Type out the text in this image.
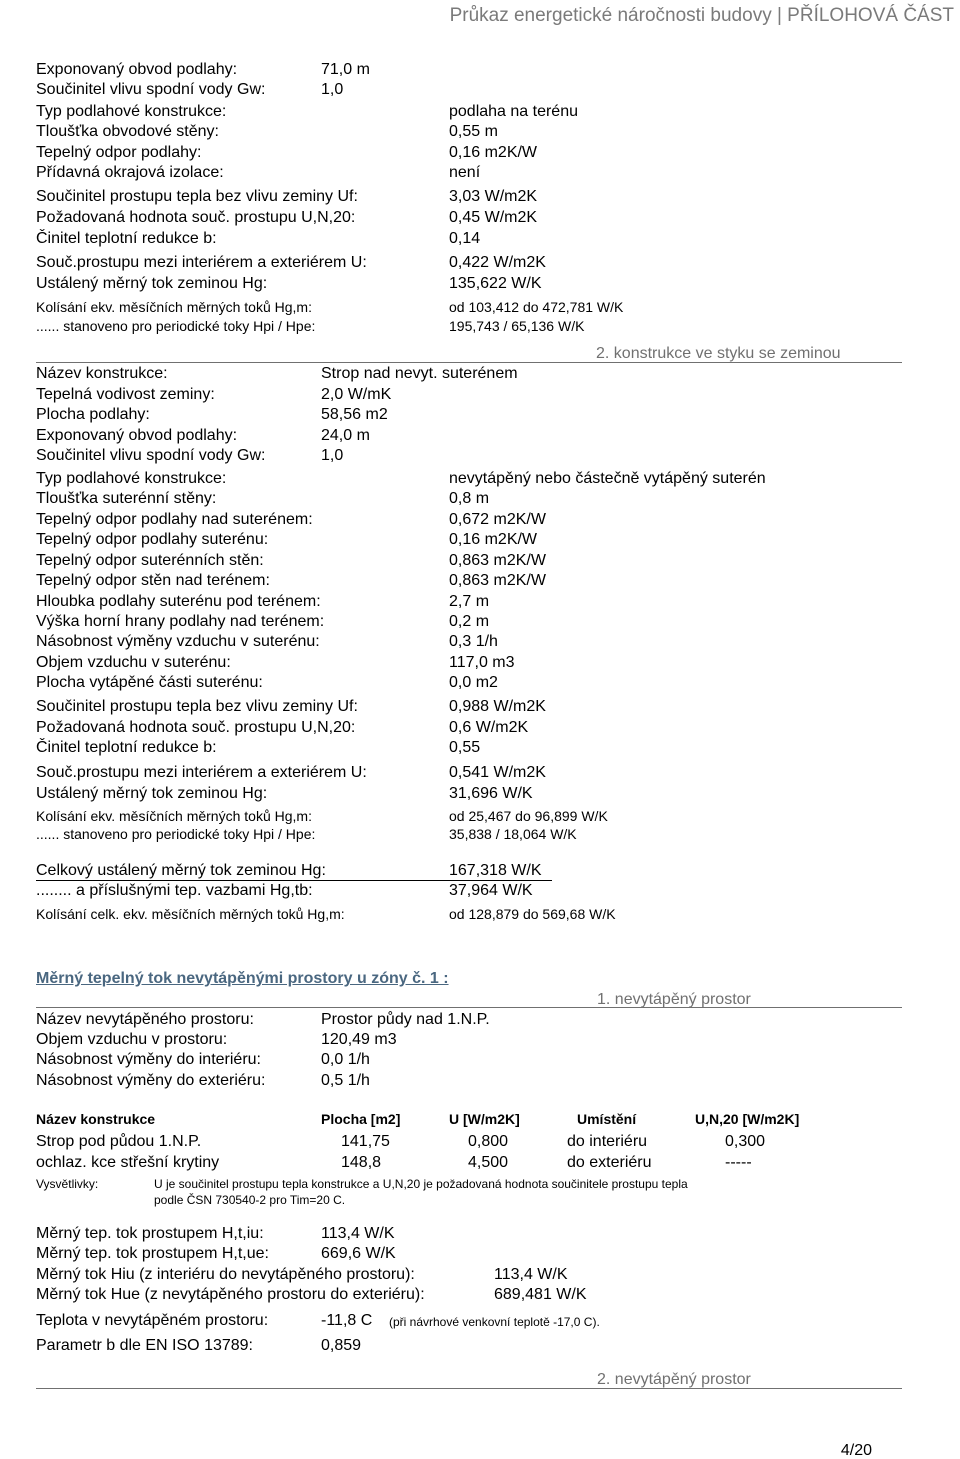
Průkaz energetické náročnosti budovy | PŘÍLOHOVÁ ČÁST
Exponovaný obvod podlahy:	71,0 m
Součinitel vlivu spodní vody Gw:	1,0
Typ podlahové konstrukce:	podlaha na terénu
Tloušťka obvodové stěny:	0,55 m
Tepelný odpor podlahy:	0,16 m2K/W
Přídavná okrajová izolace:	není
Součinitel prostupu tepla bez vlivu zeminy Uf:	3,03 W/m2K
Požadovaná hodnota souč. prostupu U,N,20:	0,45 W/m2K
Činitel teplotní redukce b:	0,14
Souč.prostupu mezi interiérem a exteriérem U:	0,422 W/m2K
Ustálený měrný tok zeminou Hg:	135,622 W/K
Kolísání ekv. měsíčních měrných toků Hg,m:	od 103,412 do 472,781 W/K
...... stanoveno pro periodické toky Hpi / Hpe:	195,743 / 65,136 W/K
2. konstrukce ve styku se zeminou
Název konstrukce:	Strop nad nevyt. suterénem
Tepelná vodivost zeminy:	2,0 W/mK
Plocha podlahy:	58,56 m2
Exponovaný obvod podlahy:	24,0 m
Součinitel vlivu spodní vody Gw:	1,0
Typ podlahové konstrukce:	nevytápěný nebo částečně vytápěný suterén
Tloušťka suterénní stěny:	0,8 m
Tepelný odpor podlahy nad suterénem:	0,672 m2K/W
Tepelný odpor podlahy suterénu:	0,16 m2K/W
Tepelný odpor suterénních stěn:	0,863 m2K/W
Tepelný odpor stěn nad terénem:	0,863 m2K/W
Hloubka podlahy suterénu pod terénem:	2,7 m
Výška horní hrany podlahy nad terénem:	0,2 m
Násobnost výměny vzduchu v suterénu:	0,3 1/h
Objem vzduchu v suterénu:	117,0 m3
Plocha vytápěné části suterénu:	0,0 m2
Součinitel prostupu tepla bez vlivu zeminy Uf:	0,988 W/m2K
Požadovaná hodnota souč. prostupu U,N,20:	0,6 W/m2K
Činitel teplotní redukce b:	0,55
Souč.prostupu mezi interiérem a exteriérem U:	0,541 W/m2K
Ustálený měrný tok zeminou Hg:	31,696 W/K
Kolísání ekv. měsíčních měrných toků Hg,m:	od 25,467 do 96,899 W/K
...... stanoveno pro periodické toky Hpi / Hpe:	35,838 / 18,064 W/K
Celkový ustálený měrný tok zeminou Hg:	167,318 W/K
........ a příslušnými tep. vazbami Hg,tb:	37,964 W/K
Kolísání celk. ekv. měsíčních měrných toků Hg,m:	od 128,879 do 569,68 W/K
Měrný tepelný tok nevytápěnými prostory u zóny č. 1 :
1. nevytápěný prostor
Název nevytápěného prostoru:	Prostor půdy nad 1.N.P.
Objem vzduchu v prostoru:	120,49 m3
Násobnost výměny do interiéru:	0,0 1/h
Násobnost výměny do exteriéru:	0,5 1/h
Název konstrukce	Plocha [m2]	U [W/m2K]	Umístění	U,N,20 [W/m2K]
Strop pod půdou 1.N.P.	141,75	0,800	do interiéru	0,300
ochlaz. kce střešní krytiny	148,8	4,500	do exteriéru	-----
Vysvětlivky:	U je součinitel prostupu tepla konstrukce a U,N,20 je požadovaná hodnota součinitele prostupu tepla
podle ČSN 730540-2 pro Tim=20 C.
Měrný tep. tok prostupem H,t,iu:	113,4 W/K
Měrný tep. tok prostupem H,t,ue:	669,6 W/K
Měrný tok Hiu (z interiéru do nevytápěného prostoru):	113,4 W/K
Měrný tok Hue (z nevytápěného prostoru do exteriéru):	689,481 W/K
Teplota v nevytápěném prostoru:	-11,8 C (při návrhové venkovní teplotě -17,0 C).
Parametr b dle EN ISO 13789:	0,859
2. nevytápěný prostor
4/20
